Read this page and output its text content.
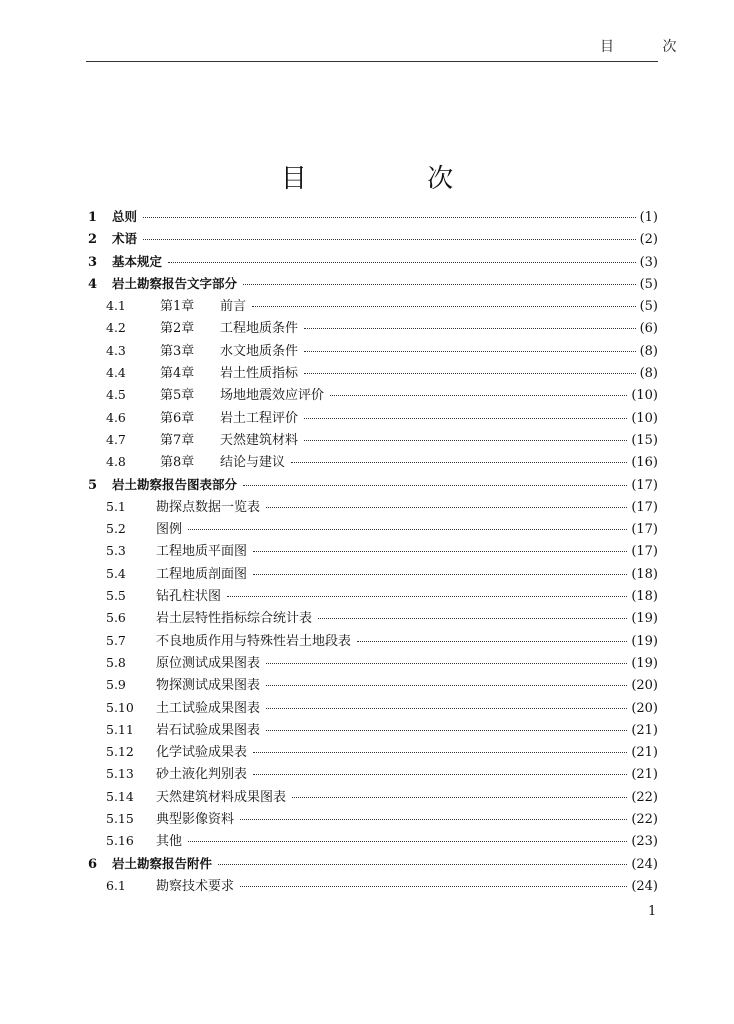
目 次
目 次
1	总则	(1)
2	术语	(2)
3	基本规定	(3)
4	岩土勘察报告文字部分	(5)
4.1	第1章	前言	(5)
4.2	第2章	工程地质条件	(6)
4.3	第3章	水文地质条件	(8)
4.4	第4章	岩土性质指标	(8)
4.5	第5章	场地地震效应评价	(10)
4.6	第6章	岩土工程评价	(10)
4.7	第7章	天然建筑材料	(15)
4.8	第8章	结论与建议	(16)
5	岩土勘察报告图表部分	(17)
5.1	勘探点数据一览表	(17)
5.2	图例	(17)
5.3	工程地质平面图	(17)
5.4	工程地质剖面图	(18)
5.5	钻孔柱状图	(18)
5.6	岩土层特性指标综合统计表	(19)
5.7	不良地质作用与特殊性岩土地段表	(19)
5.8	原位测试成果图表	(19)
5.9	物探测试成果图表	(20)
5.10	土工试验成果图表	(20)
5.11	岩石试验成果图表	(21)
5.12	化学试验成果表	(21)
5.13	砂土液化判别表	(21)
5.14	天然建筑材料成果图表	(22)
5.15	典型影像资料	(22)
5.16	其他	(23)
6	岩土勘察报告附件	(24)
6.1	勘察技术要求	(24)
1
